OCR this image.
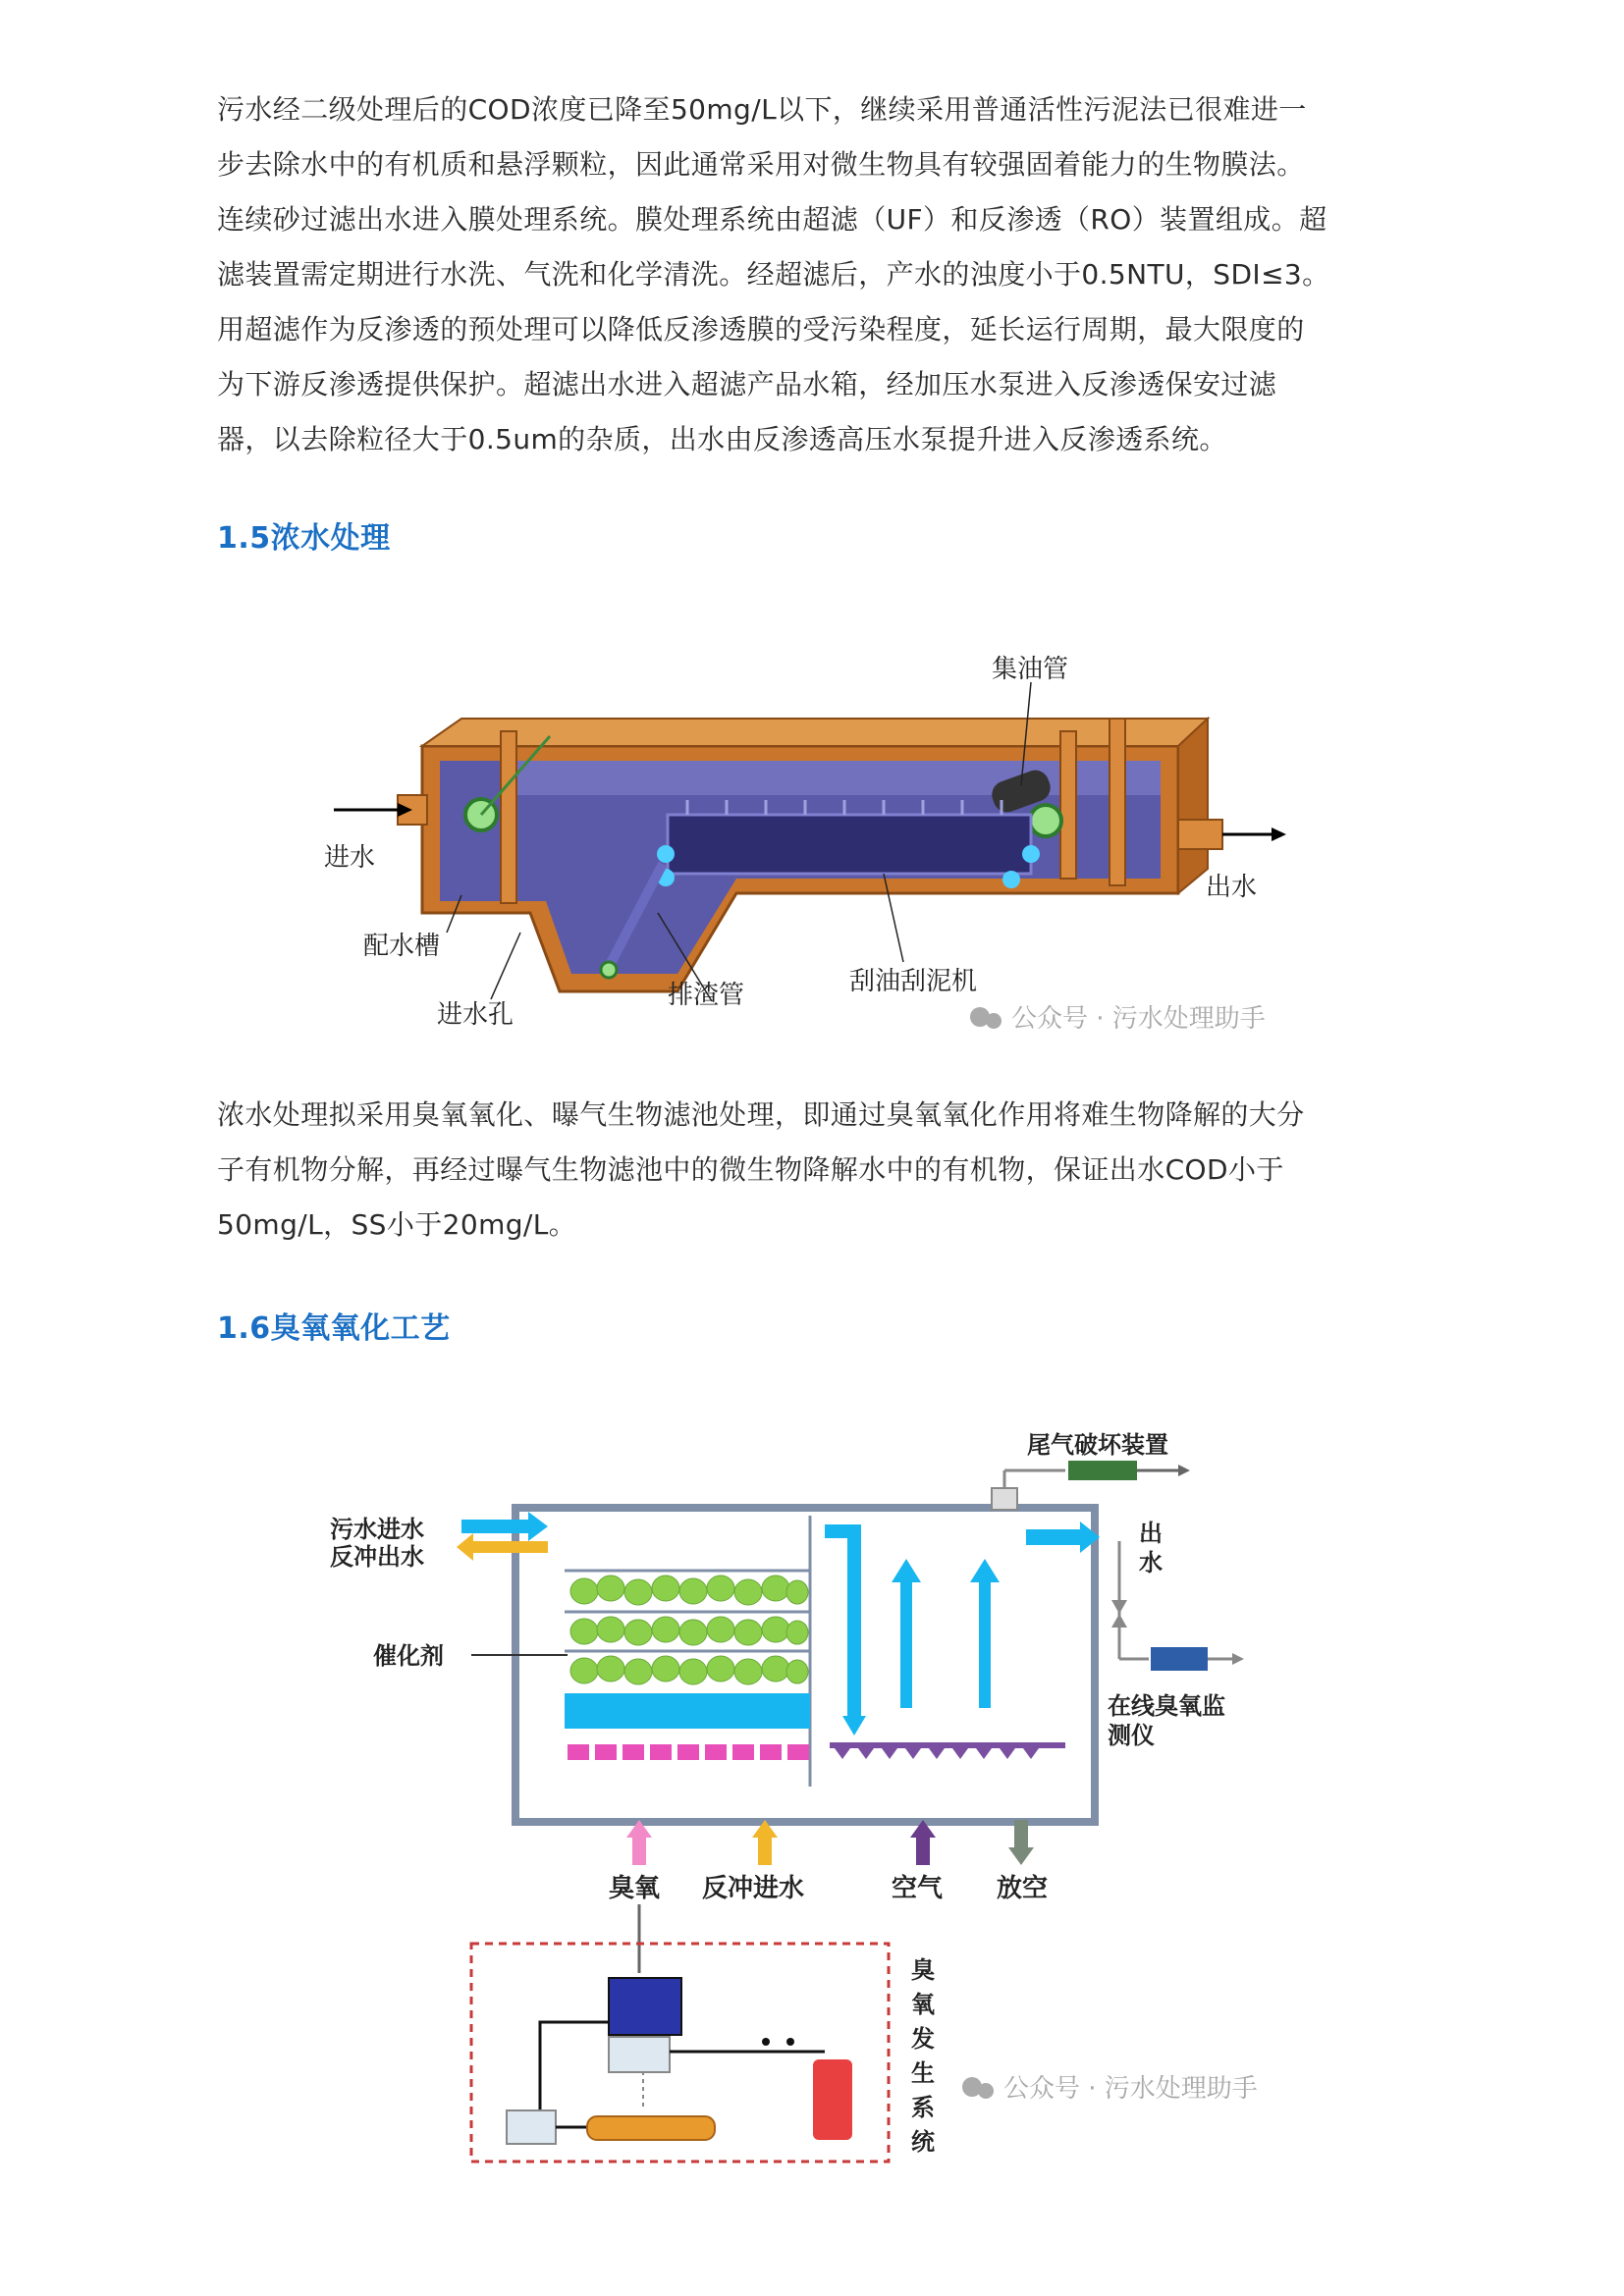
污水经二级处理后的COD浓度已降至50mg/L以下，继续采用普通活性污泥法已很难进一
步去除水中的有机质和悬浮颗粒，因此通常采用对微生物具有较强固着能力的生物膜法。
连续砂过滤出水进入膜处理系统。膜处理系统由超滤（UF）和反渗透（RO）装置组成。超
滤装置需定期进行水洗、气洗和化学清洗。经超滤后，产水的浊度小于0.5NTU，SDI≤3。
用超滤作为反渗透的预处理可以降低反渗透膜的受污染程度，延长运行周期，最大限度的
为下游反渗透提供保护。超滤出水进入超滤产品水箱，经加压水泵进入反渗透保安过滤
器，以去除粒径大于0.5um的杂质，出水由反渗透高压水泵提升进入反渗透系统。
1.5浓水处理
集油管
进水
出水
配水槽
进水孔
排渣管	刮油刮泥机
公众号 · 污水处理助手
浓水处理拟采用臭氧氧化、曝气生物滤池处理，即通过臭氧氧化作用将难生物降解的大分
子有机物分解，再经过曝气生物滤池中的微生物降解水中的有机物，保证出水COD小于
50mg/L，SS小于20mg/L。
1.6臭氧氧化工艺
尾气破坏装置
污水进水
反冲出水
催化剂
出
水
在线臭氧监
测仪
臭氧 反冲进水	空气 放空
臭
氧
发
生
系
统
公众号 · 污水处理助手
